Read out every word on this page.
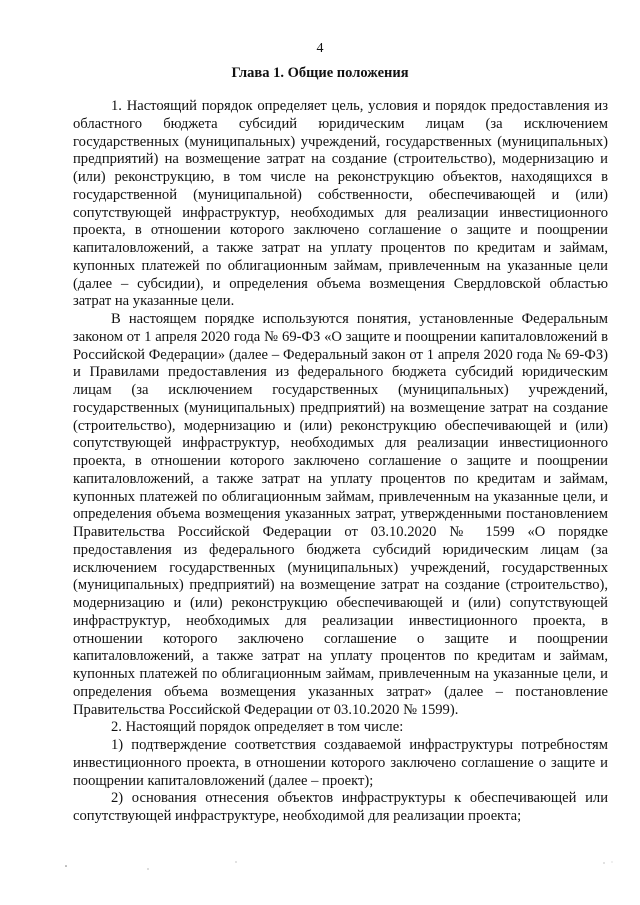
4
Глава 1. Общие положения

1. Настоящий порядок определяет цель, условия и порядок предоставления из областного бюджета субсидий юридическим лицам (за исключением государственных (муниципальных) учреждений, государственных (муниципальных) предприятий) на возмещение затрат на создание (строительство), модернизацию и (или) реконструкцию, в том числе на реконструкцию объектов, находящихся в государственной (муниципальной) собственности, обеспечивающей и (или) сопутствующей инфраструктур, необходимых для реализации инвестиционного проекта, в отношении которого заключено соглашение о защите и поощрении капиталовложений, а также затрат на уплату процентов по кредитам и займам, купонных платежей по облигационным займам, привлеченным на указанные цели (далее – субсидии), и определения объема возмещения Свердловской областью затрат на указанные цели.

В настоящем порядке используются понятия, установленные Федеральным законом от 1 апреля 2020 года № 69-ФЗ «О защите и поощрении капиталовложений в Российской Федерации» (далее – Федеральный закон от 1 апреля 2020 года № 69-ФЗ) и Правилами предоставления из федерального бюджета субсидий юридическим лицам (за исключением государственных (муниципальных) учреждений, государственных (муниципальных) предприятий) на возмещение затрат на создание (строительство), модернизацию и (или) реконструкцию обеспечивающей и (или) сопутствующей инфраструктур, необходимых для реализации инвестиционного проекта, в отношении которого заключено соглашение о защите и поощрении капиталовложений, а также затрат на уплату процентов по кредитам и займам, купонных платежей по облигационным займам, привлеченным на указанные цели, и определения объема возмещения указанных затрат, утвержденными постановлением Правительства Российской Федерации от 03.10.2020 № 1599 «О порядке предоставления из федерального бюджета субсидий юридическим лицам (за исключением государственных (муниципальных) учреждений, государственных (муниципальных) предприятий) на возмещение затрат на создание (строительство), модернизацию и (или) реконструкцию обеспечивающей и (или) сопутствующей инфраструктур, необходимых для реализации инвестиционного проекта, в отношении которого заключено соглашение о защите и поощрении капиталовложений, а также затрат на уплату процентов по кредитам и займам, купонных платежей по облигационным займам, привлеченным на указанные цели, и определения объема возмещения указанных затрат» (далее – постановление Правительства Российской Федерации от 03.10.2020 № 1599).

2. Настоящий порядок определяет в том числе:

1) подтверждение соответствия создаваемой инфраструктуры потребностям инвестиционного проекта, в отношении которого заключено соглашение о защите и поощрении капиталовложений (далее – проект);

2) основания отнесения объектов инфраструктуры к обеспечивающей или сопутствующей инфраструктуре, необходимой для реализации проекта;
